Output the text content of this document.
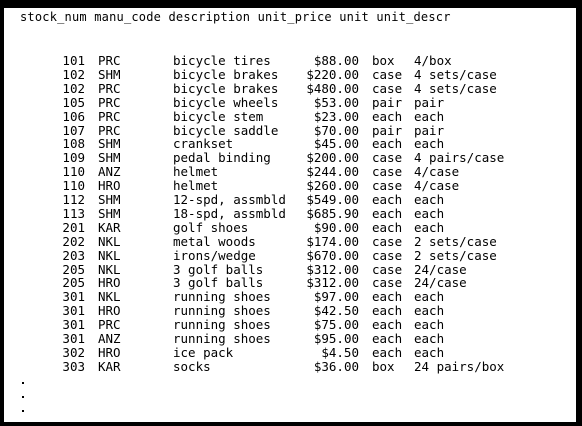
stock_num manu_code description unit_price unit unit_descr
101 PRC	bicycle tires	$88.00 box 4/box
102 SHM	bicycle brakes	$220.00 case 4 sets/case
102 PRC	bicycle brakes	$480.00 case 4 sets/case
105 PRC	bicycle wheels	$53.00 pair pair
106 PRC	bicycle stem	$23.00 each each
107 PRC	bicycle saddle	$70.00 pair pair
108 SHM	crankset	$45.00 each each
109 SHM	pedal binding	$200.00 case 4 pairs/case
110 ANZ	helmet	$244.00 case 4/case
110 HRO	helmet	$260.00 case 4/case
112 SHM	12-spd, assmbld	$549.00 each each
113 SHM	18-spd, assmbld	$685.90 each each
201 KAR	golf shoes	$90.00 each each
202 NKL	metal woods	$174.00 case 2 sets/case
203 NKL	irons/wedge	$670.00 case 2 sets/case
205 NKL	3 golf balls	$312.00 case 24/case
205 HRO	3 golf balls	$312.00 case 24/case
301 NKL	running shoes	$97.00 each each
301 HRO	running shoes	$42.50 each each
301 PRC	running shoes	$75.00 each each
301 ANZ	running shoes	$95.00 each each
302 HRO	ice pack	$4.50 each each
303 KAR	socks	$36.00 box 24 pairs/box
